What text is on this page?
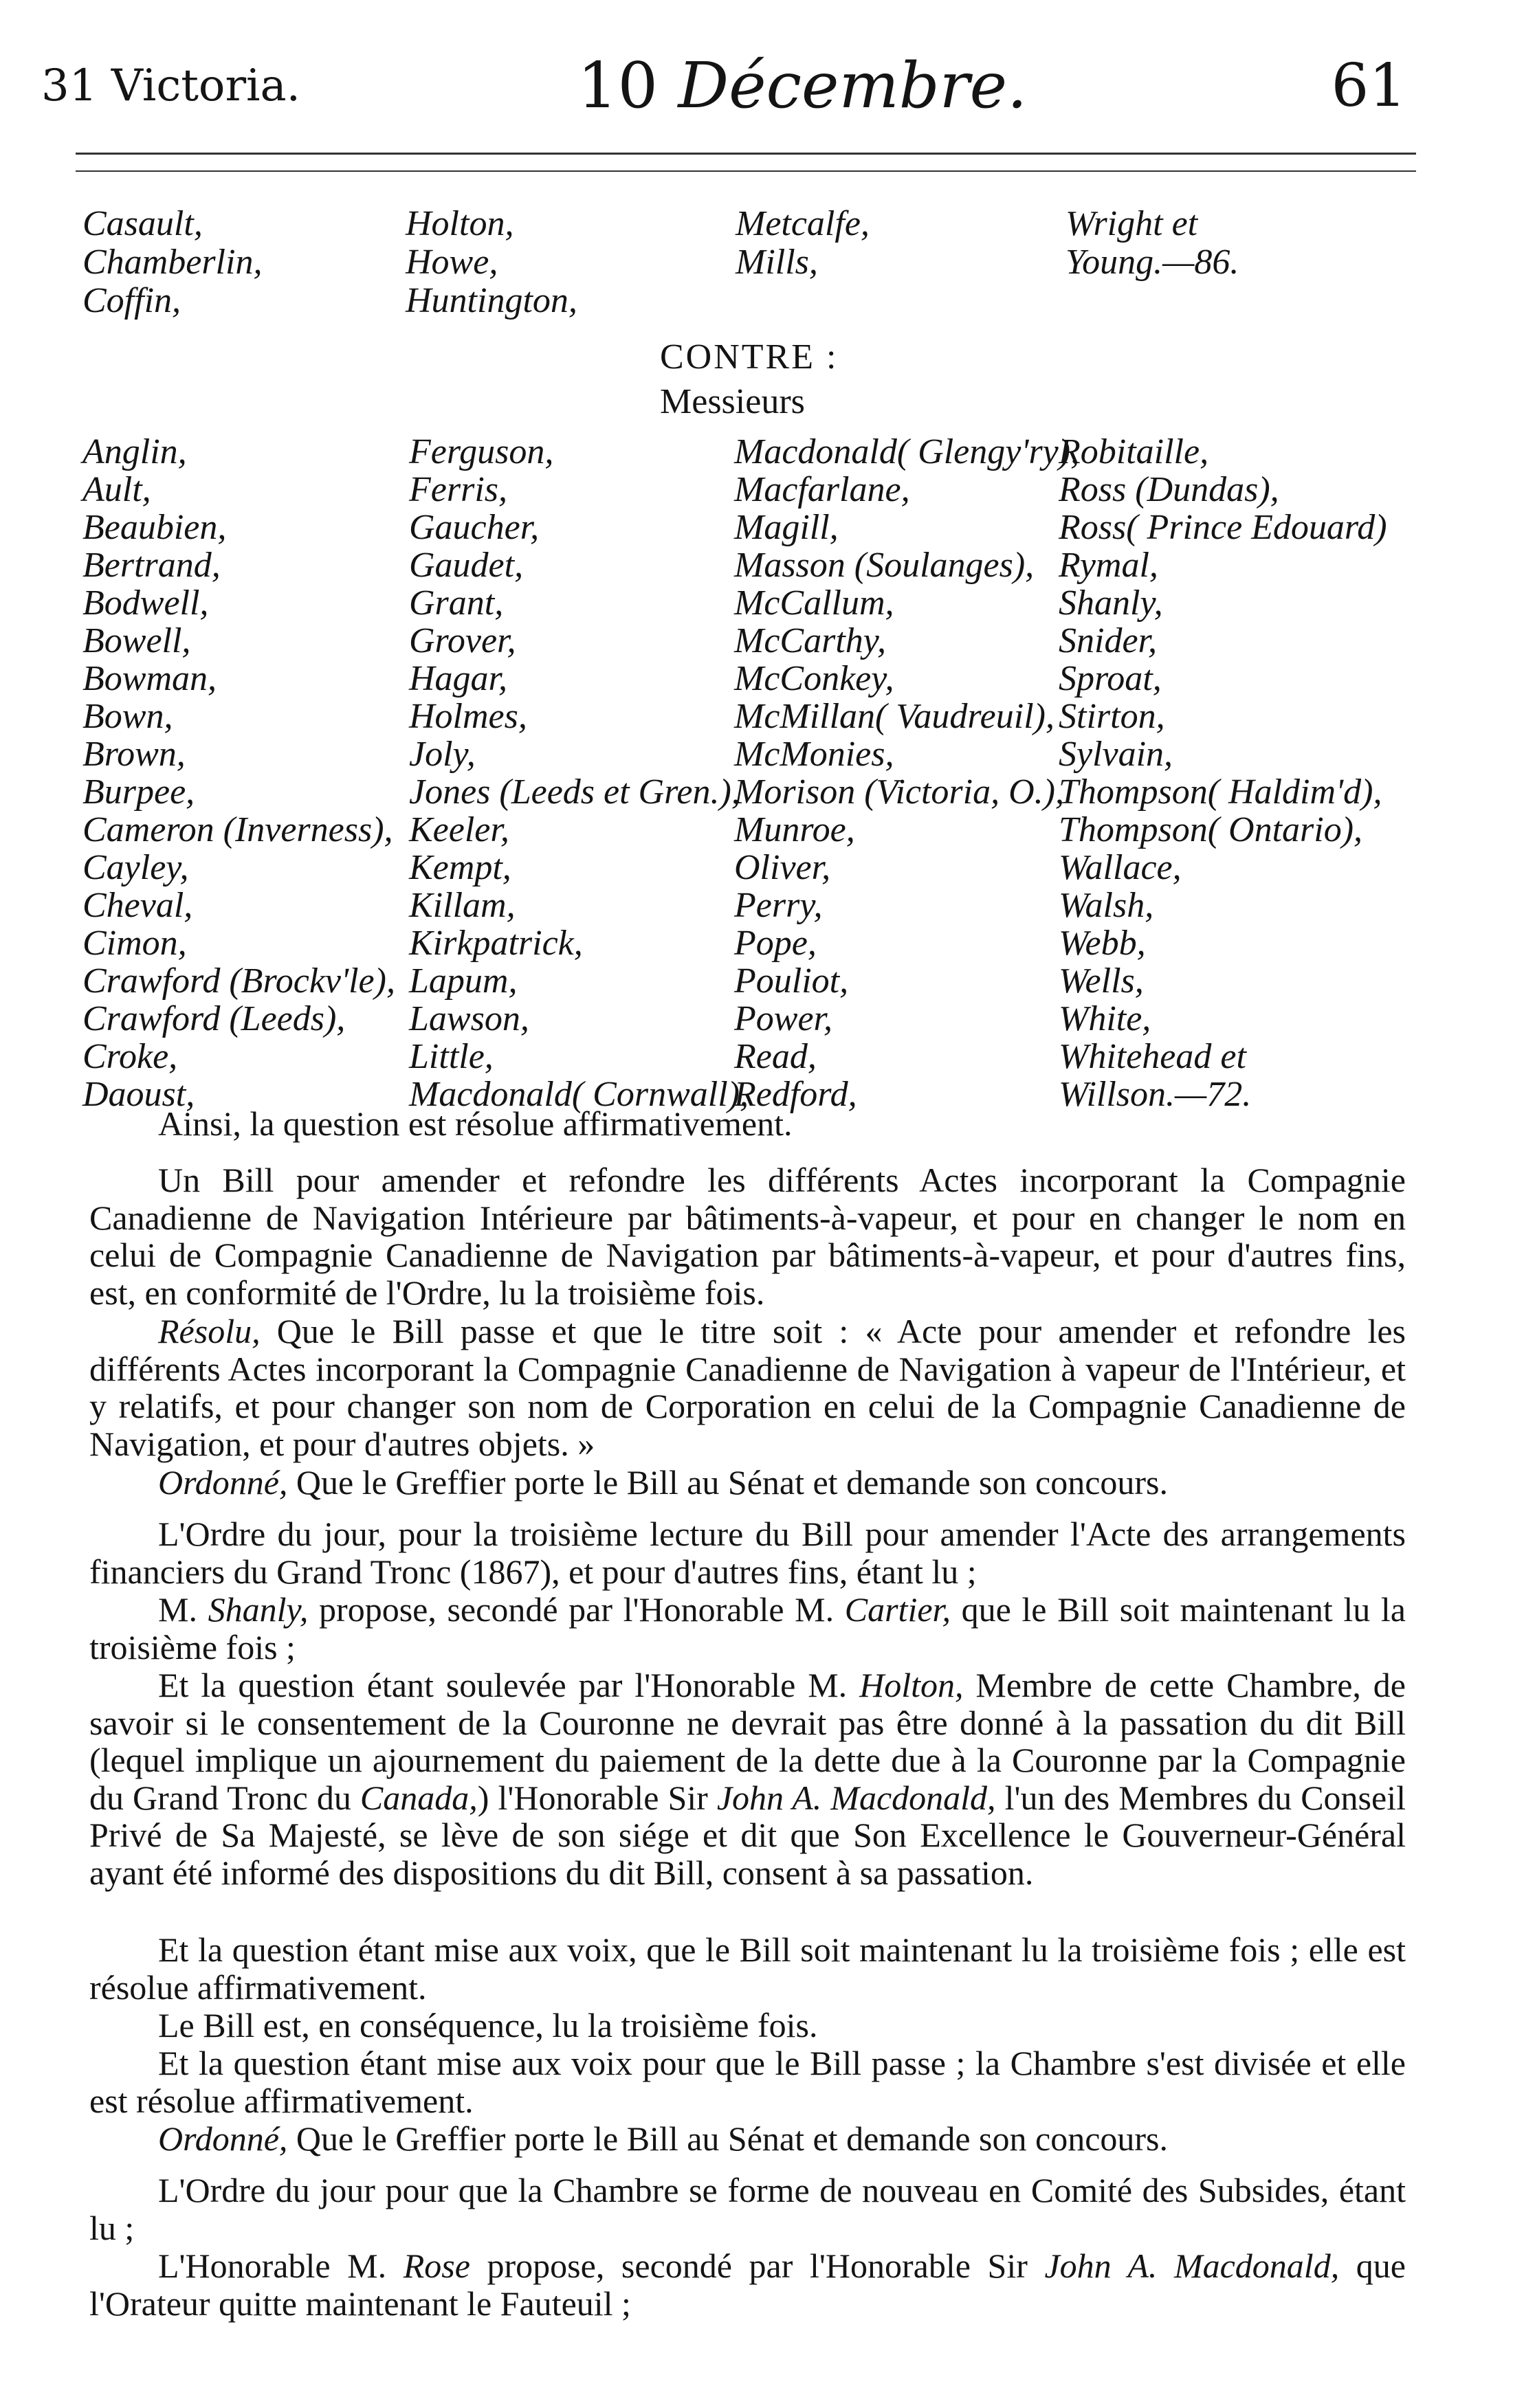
31 Victoria.	10 Décembre.	61
Casault,
Chamberlin,
Coffin,
Holton,
Howe,
Huntington,
Metcalfe,
Mills,
Wright et
Young.—86.
CONTRE :
Messieurs
Anglin,
Ault,
Beaubien,
Bertrand,
Bodwell,
Bowell,
Bowman,
Bown,
Brown,
Burpee,
Cameron (Inverness),
Cayley,
Cheval,
Cimon,
Crawford (Brockv'le),
Crawford (Leeds),
Croke,
Daoust,
Ferguson,
Ferris,
Gaucher,
Gaudet,
Grant,
Grover,
Hagar,
Holmes,
Joly,
Jones (Leeds et Gren.),
Keeler,
Kempt,
Killam,
Kirkpatrick,
Lapum,
Lawson,
Little,
Macdonald( Cornwall),
Macdonald( Glengy'ry),
Macfarlane,
Magill,
Masson (Soulanges),
McCallum,
McCarthy,
McConkey,
McMillan( Vaudreuil),
McMonies,
Morison (Victoria, O.),
Munroe,
Oliver,
Perry,
Pope,
Pouliot,
Power,
Read,
Redford,
Robitaille,
Ross (Dundas),
Ross( Prince Edouard)
Rymal,
Shanly,
Snider,
Sproat,
Stirton,
Sylvain,
Thompson( Haldim'd),
Thompson( Ontario),
Wallace,
Walsh,
Webb,
Wells,
White,
Whitehead et
Willson.—72.
Ainsi, la question est résolue affirmativement.
Un Bill pour amender et refondre les différents Actes incorporant la Compagnie Canadienne de Navigation Intérieure par bâtiments-à-vapeur, et pour en changer le nom en celui de Compagnie Canadienne de Navigation par bâtiments-à-vapeur, et pour d'autres fins, est, en conformité de l'Ordre, lu la troisième fois.
Résolu, Que le Bill passe et que le titre soit : « Acte pour amender et refondre les différents Actes incorporant la Compagnie Canadienne de Navigation à vapeur de l'Intérieur, et y relatifs, et pour changer son nom de Corporation en celui de la Compagnie Canadienne de Navigation, et pour d'autres objets. »
Ordonné, Que le Greffier porte le Bill au Sénat et demande son concours.
L'Ordre du jour, pour la troisième lecture du Bill pour amender l'Acte des arrangements financiers du Grand Tronc (1867), et pour d'autres fins, étant lu ;
M. Shanly, propose, secondé par l'Honorable M. Cartier, que le Bill soit maintenant lu la troisième fois ;
Et la question étant soulevée par l'Honorable M. Holton, Membre de cette Chambre, de savoir si le consentement de la Couronne ne devrait pas être donné à la passation du dit Bill (lequel implique un ajournement du paiement de la dette due à la Couronne par la Compagnie du Grand Tronc du Canada,) l'Honorable Sir John A. Macdonald, l'un des Membres du Conseil Privé de Sa Majesté, se lève de son siége et dit que Son Excellence le Gouverneur-Général ayant été informé des dispositions du dit Bill, consent à sa passation.
Et la question étant mise aux voix, que le Bill soit maintenant lu la troisième fois ; elle est résolue affirmativement.
Le Bill est, en conséquence, lu la troisième fois.
Et la question étant mise aux voix pour que le Bill passe ; la Chambre s'est divisée et elle est résolue affirmativement.
Ordonné, Que le Greffier porte le Bill au Sénat et demande son concours.
L'Ordre du jour pour que la Chambre se forme de nouveau en Comité des Subsides, étant lu ;
L'Honorable M. Rose propose, secondé par l'Honorable Sir John A. Macdonald, que l'Orateur quitte maintenant le Fauteuil ;
